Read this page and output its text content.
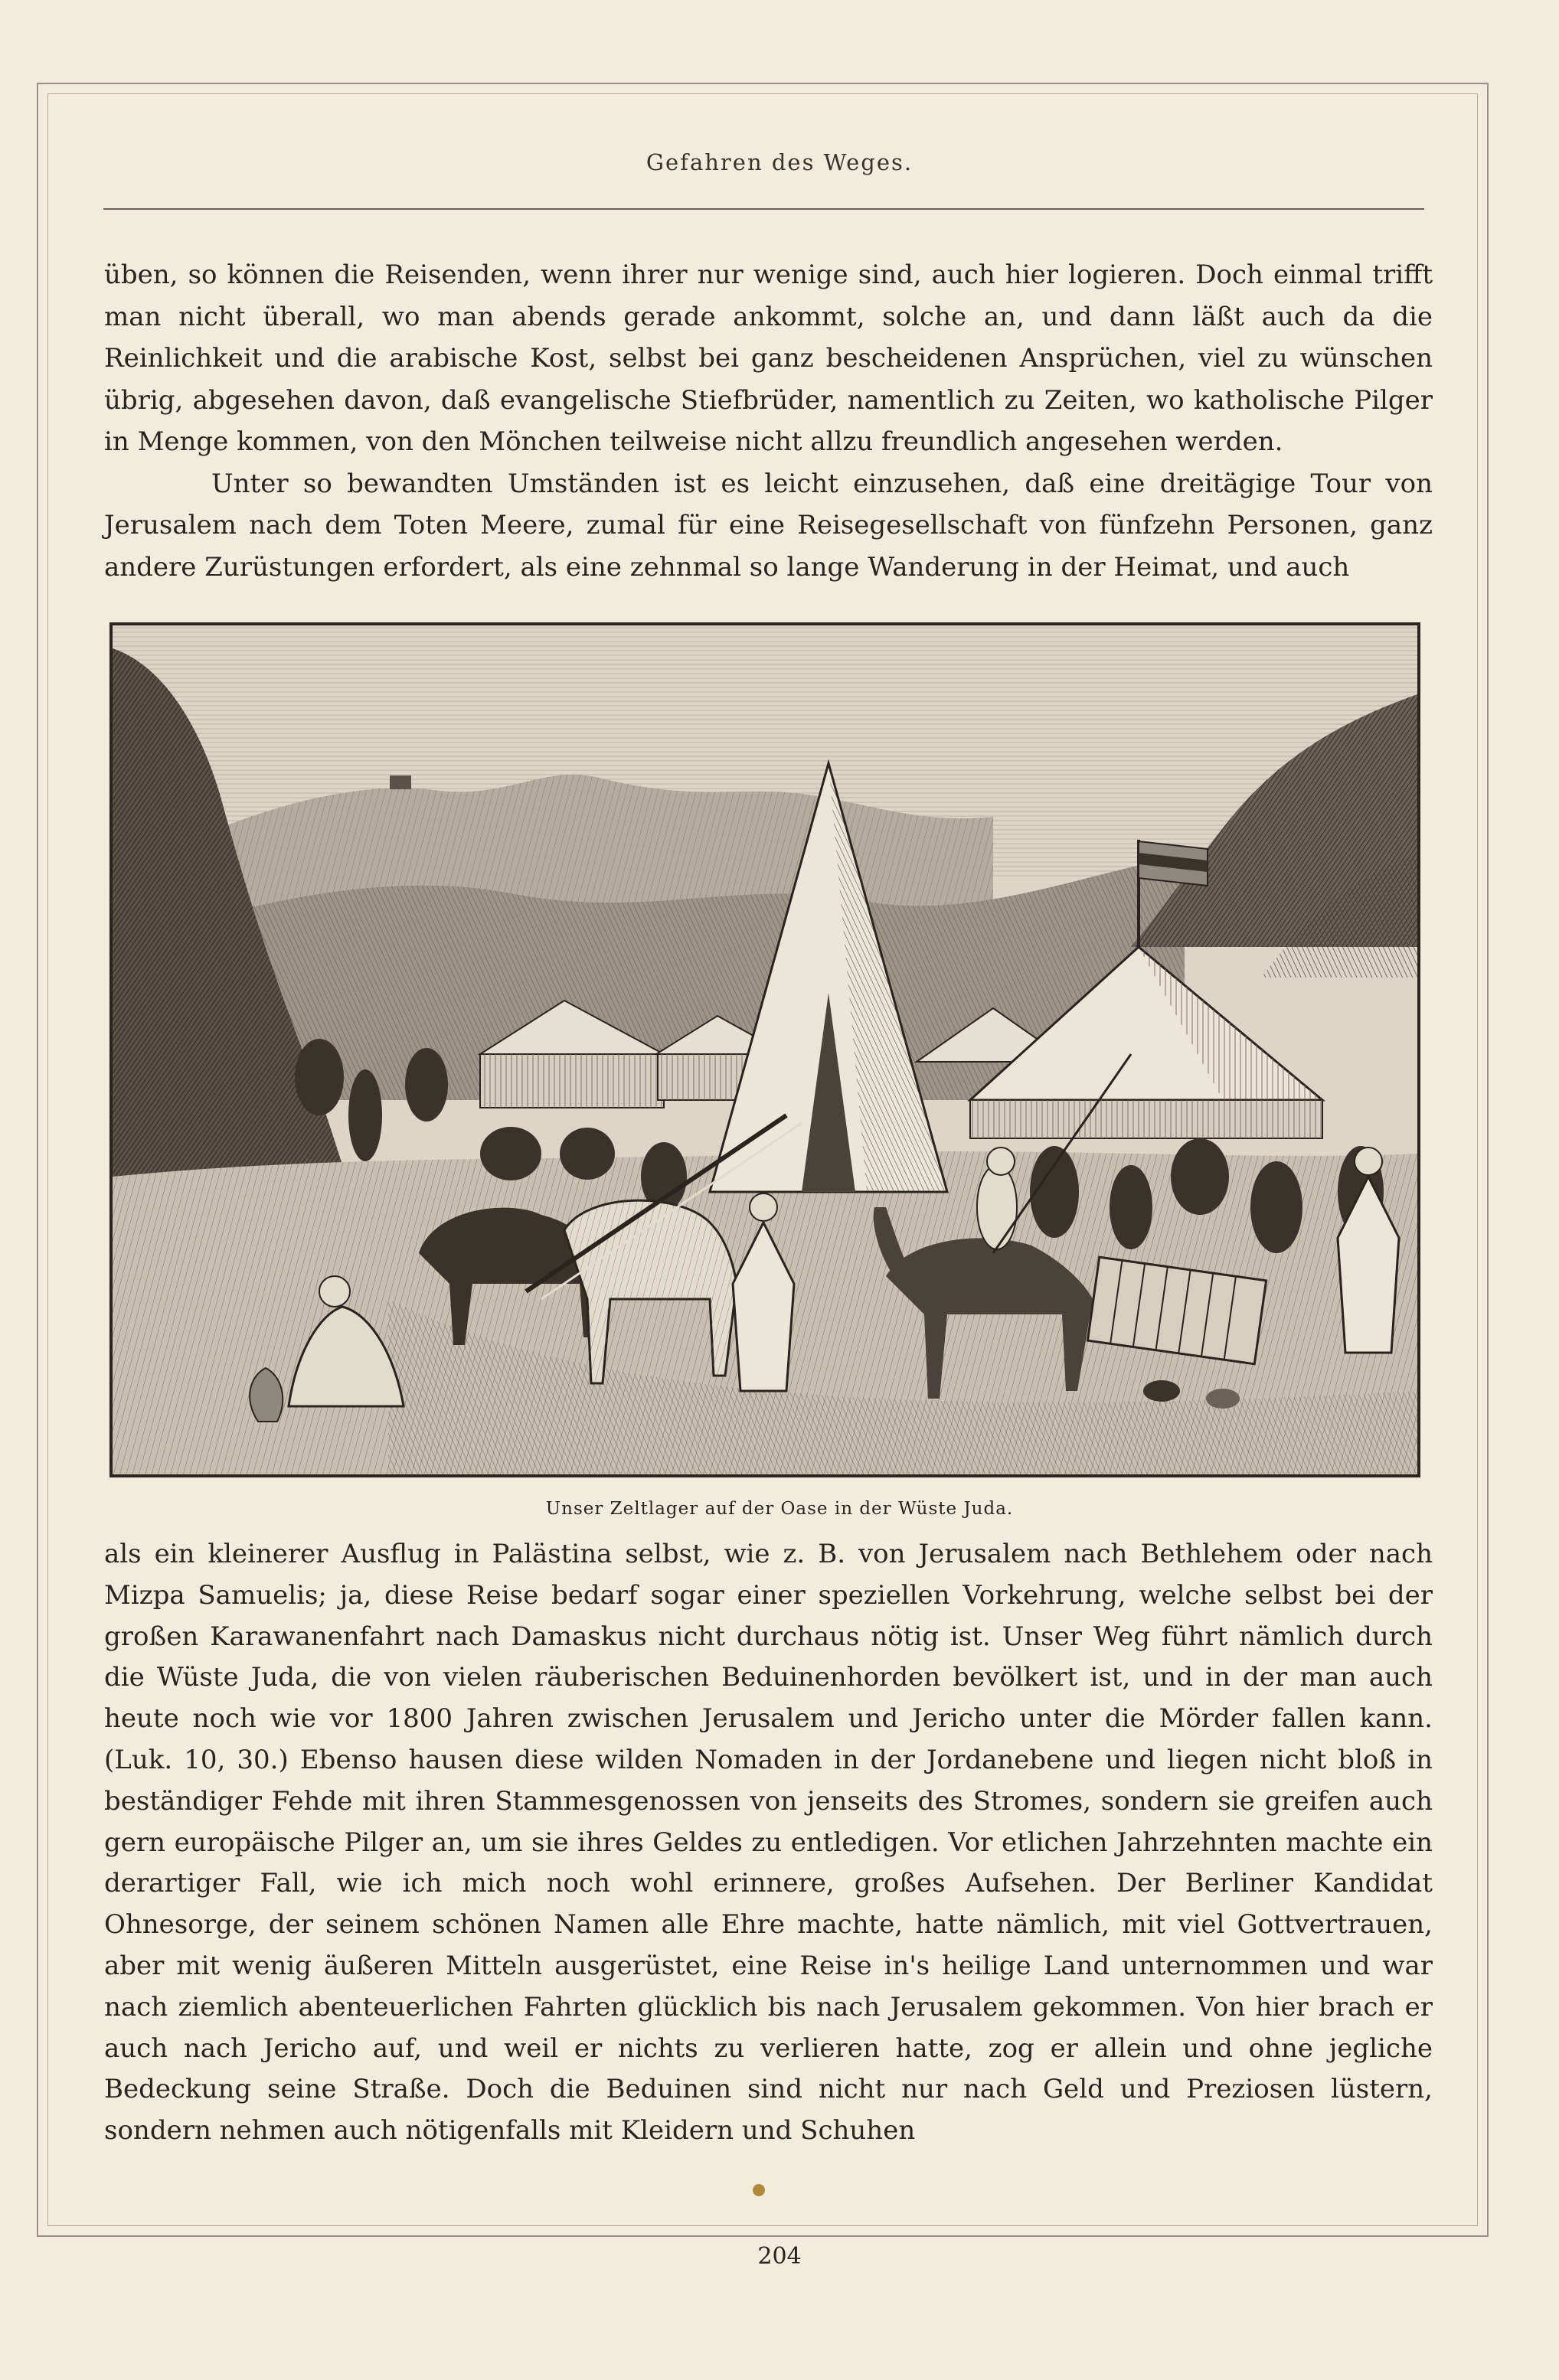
Gefahren des Weges.

üben, so können die Reisenden, wenn ihrer nur wenige sind, auch hier logieren. Doch einmal trifft man nicht überall, wo man abends gerade ankommt, solche an, und dann läßt auch da die Reinlichkeit und die arabische Kost, selbst bei ganz bescheidenen Ansprüchen, viel zu wünschen übrig, abgesehen davon, daß evangelische Stiefbrüder, namentlich zu Zeiten, wo katholische Pilger in Menge kommen, von den Mönchen teilweise nicht allzu freundlich angesehen werden.

Unter so bewandten Umständen ist es leicht einzusehen, daß eine dreitägige Tour von Jerusalem nach dem Toten Meere, zumal für eine Reisegesellschaft von fünfzehn Personen, ganz andere Zurüstungen erfordert, als eine zehnmal so lange Wanderung in der Heimat, und auch

Unser Zeltlager auf der Oase in der Wüste Juda.

als ein kleinerer Ausflug in Palästina selbst, wie z. B. von Jerusalem nach Bethlehem oder nach Mizpa Samuelis; ja, diese Reise bedarf sogar einer speziellen Vorkehrung, welche selbst bei der großen Karawanenfahrt nach Damaskus nicht durchaus nötig ist. Unser Weg führt nämlich durch die Wüste Juda, die von vielen räuberischen Beduinenhorden bevölkert ist, und in der man auch heute noch wie vor 1800 Jahren zwischen Jerusalem und Jericho unter die Mörder fallen kann. (Luk. 10, 30.) Ebenso hausen diese wilden Nomaden in der Jordanebene und liegen nicht bloß in beständiger Fehde mit ihren Stammesgenossen von jenseits des Stromes, sondern sie greifen auch gern europäische Pilger an, um sie ihres Geldes zu entledigen. Vor etlichen Jahrzehnten machte ein derartiger Fall, wie ich mich noch wohl erinnere, großes Aufsehen. Der Berliner Kandidat Ohnesorge, der seinem schönen Namen alle Ehre machte, hatte nämlich, mit viel Gottvertrauen, aber mit wenig äußeren Mitteln ausgerüstet, eine Reise in's heilige Land unternommen und war nach ziemlich abenteuerlichen Fahrten glücklich bis nach Jerusalem gekommen. Von hier brach er auch nach Jericho auf, und weil er nichts zu verlieren hatte, zog er allein und ohne jegliche Bedeckung seine Straße. Doch die Beduinen sind nicht nur nach Geld und Preziosen lüstern, sondern nehmen auch nötigenfalls mit Kleidern und Schuhen

204
